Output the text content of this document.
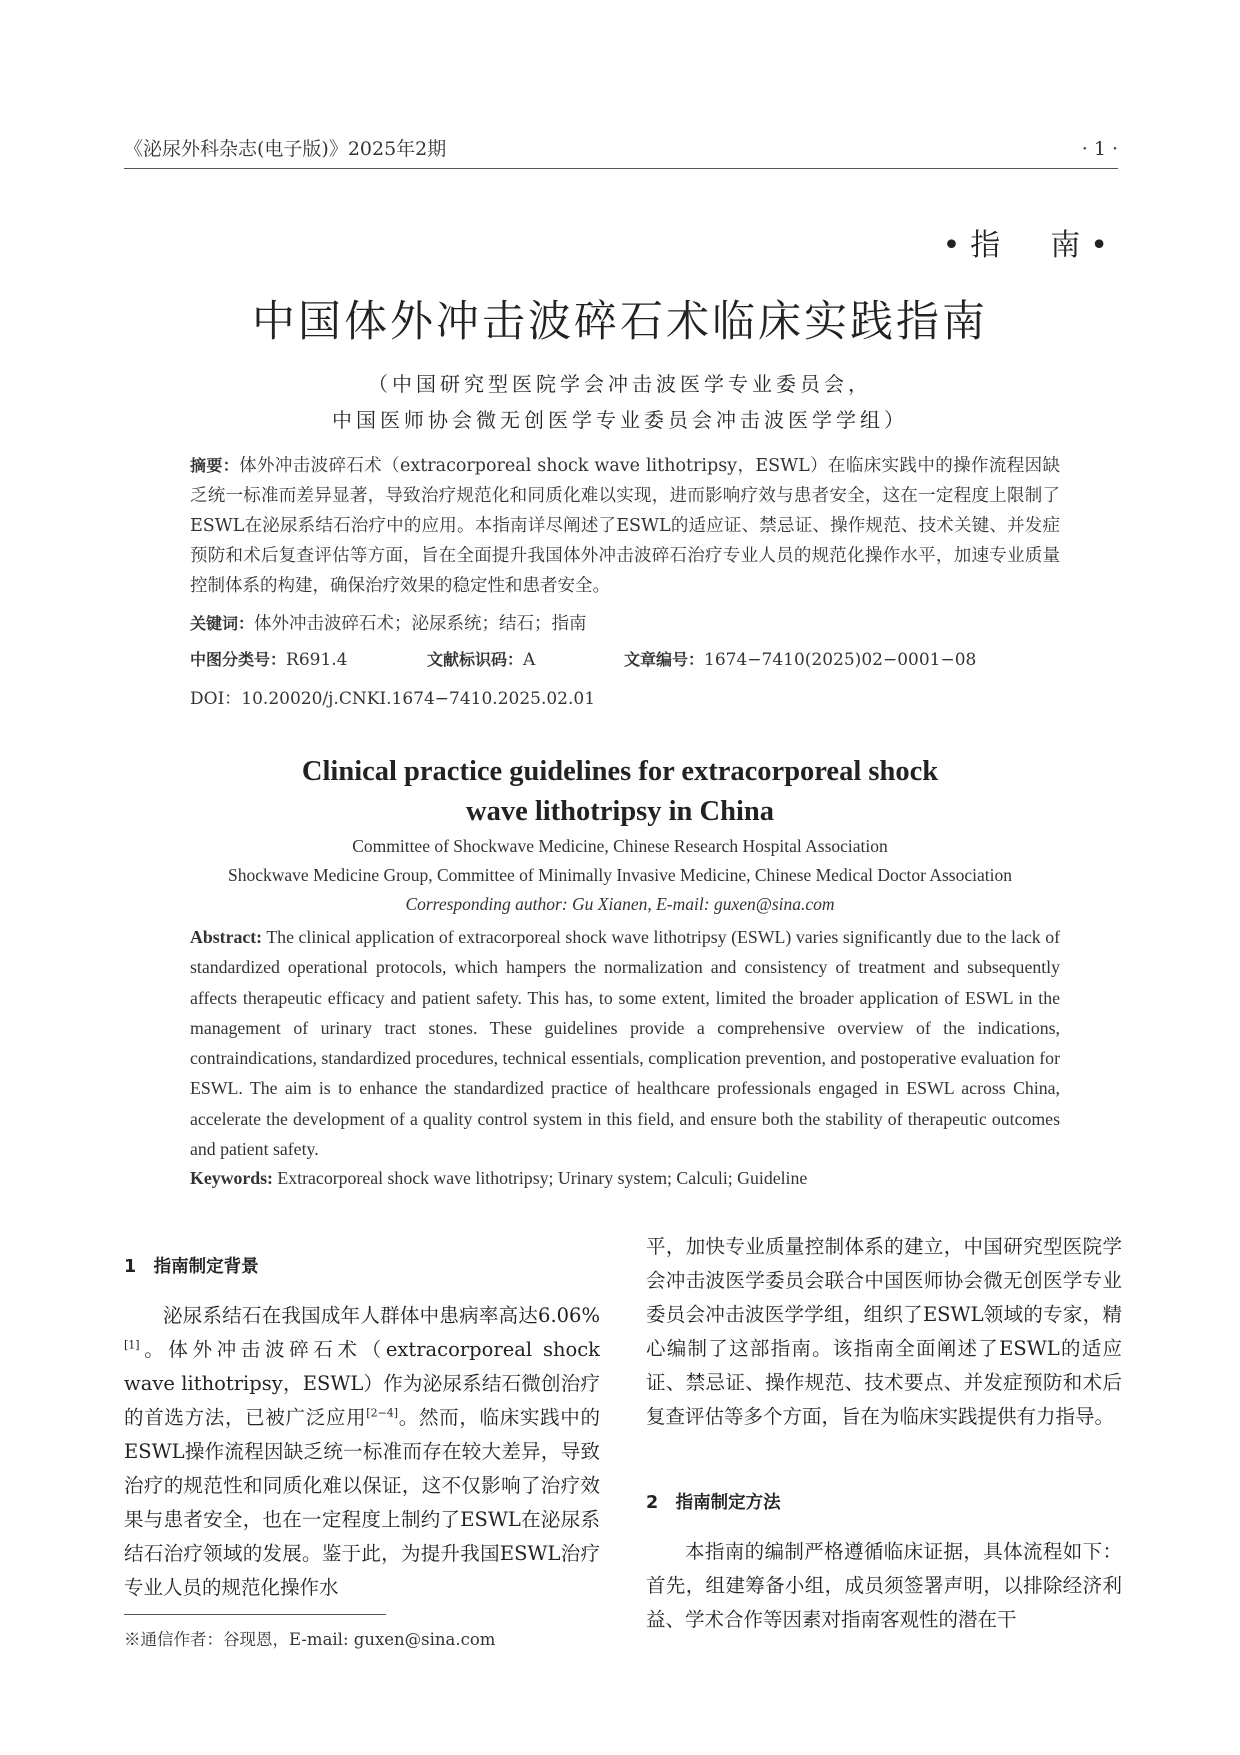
《泌尿外科杂志(电子版)》2025年2期	· 1 ·
•指　南•
中国体外冲击波碎石术临床实践指南
（中国研究型医院学会冲击波医学专业委员会，
中国医师协会微无创医学专业委员会冲击波医学学组）

摘要：体外冲击波碎石术（extracorporeal shock wave lithotripsy，ESWL）在临床实践中的操作流程因缺乏统一标准而差异显著，导致治疗规范化和同质化难以实现，进而影响疗效与患者安全，这在一定程度上限制了ESWL在泌尿系结石治疗中的应用。本指南详尽阐述了ESWL的适应证、禁忌证、操作规范、技术关键、并发症预防和术后复查评估等方面，旨在全面提升我国体外冲击波碎石治疗专业人员的规范化操作水平，加速专业质量控制体系的构建，确保治疗效果的稳定性和患者安全。

关键词：体外冲击波碎石术；泌尿系统；结石；指南
中图分类号：R691.4	文献标识码：A	文章编号：1674−7410(2025)02−0001−08
DOI：10.20020/j.CNKI.1674−7410.2025.02.01
Clinical practice guidelines for extracorporeal shock wave lithotripsy in China
Committee of Shockwave Medicine, Chinese Research Hospital Association
Shockwave Medicine Group, Committee of Minimally Invasive Medicine, Chinese Medical Doctor Association
Corresponding author: Gu Xianen, E-mail: guxen@sina.com

Abstract: The clinical application of extracorporeal shock wave lithotripsy (ESWL) varies significantly due to the lack of standardized operational protocols, which hampers the normalization and consistency of treatment and subsequently affects therapeutic efficacy and patient safety. This has, to some extent, limited the broader application of ESWL in the management of urinary tract stones. These guidelines provide a comprehensive overview of the indications, contraindications, standardized procedures, technical essentials, complication prevention, and postoperative evaluation for ESWL. The aim is to enhance the standardized practice of healthcare professionals engaged in ESWL across China, accelerate the development of a quality control system in this field, and ensure both the stability of therapeutic outcomes and patient safety.

Keywords: Extracorporeal shock wave lithotripsy; Urinary system; Calculi; Guideline
1　指南制定背景

泌尿系结石在我国成年人群体中患病率高达6.06%[1]。体外冲击波碎石术（extracorporeal shock wave lithotripsy，ESWL）作为泌尿系结石微创治疗的首选方法，已被广泛应用[2−4]。然而，临床实践中的ESWL操作流程因缺乏统一标准而存在较大差异，导致治疗的规范性和同质化难以保证，这不仅影响了治疗效果与患者安全，也在一定程度上制约了ESWL在泌尿系结石治疗领域的发展。鉴于此，为提升我国ESWL治疗专业人员的规范化操作水

平，加快专业质量控制体系的建立，中国研究型医院学会冲击波医学委员会联合中国医师协会微无创医学专业委员会冲击波医学学组，组织了ESWL领域的专家，精心编制了这部指南。该指南全面阐述了ESWL的适应证、禁忌证、操作规范、技术要点、并发症预防和术后复查评估等多个方面，旨在为临床实践提供有力指导。

2　指南制定方法

本指南的编制严格遵循临床证据，具体流程如下：首先，组建筹备小组，成员须签署声明，以排除经济利益、学术合作等因素对指南客观性的潜在干

※通信作者：谷现恩，E-mail: guxen@sina.com
